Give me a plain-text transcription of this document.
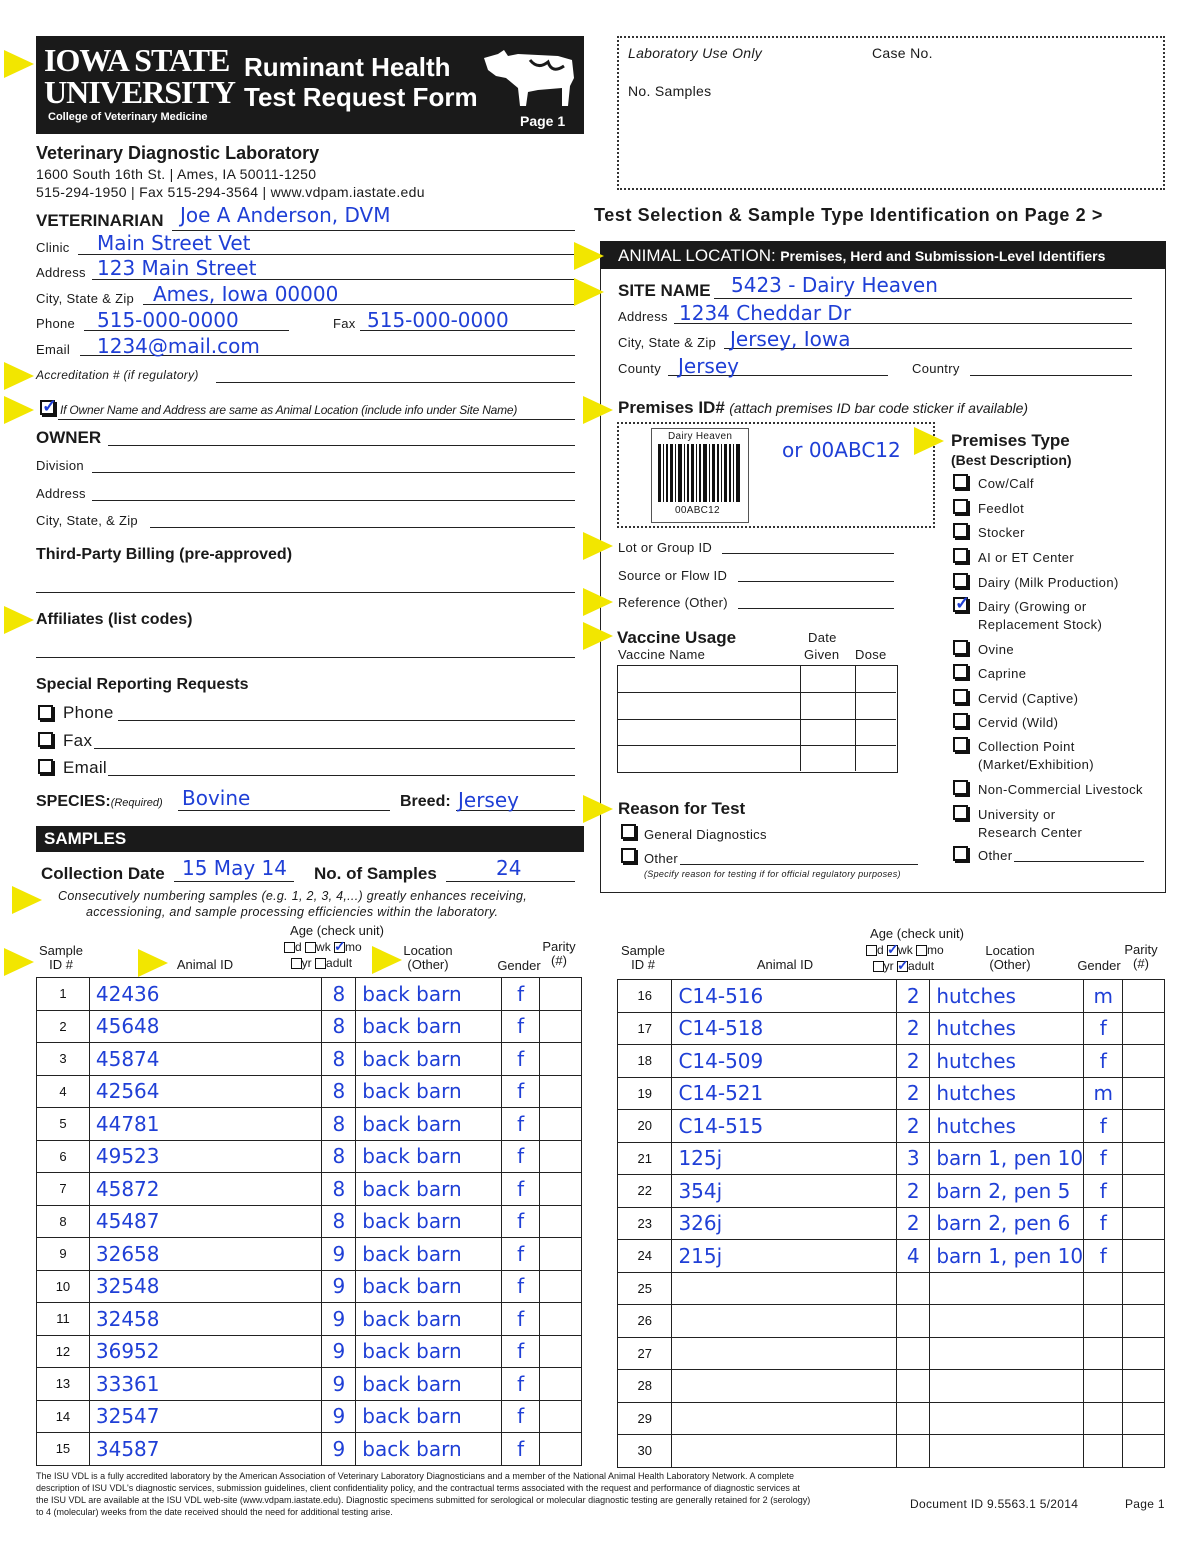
IOWA STATE
UNIVERSITY
College of Veterinary Medicine
Ruminant Health
Test Request Form
Page 1
Veterinary Diagnostic Laboratory
1600 South 16th St. | Ames, IA 50011-1250
515-294-1950 | Fax 515-294-3564 | www.vdpam.iastate.edu
Laboratory Use Only	Case No.
No. Samples
Test Selection & Sample Type Identification on Page 2 >
VETERINARIAN Joe A Anderson, DVM
Clinic Main Street Vet
Address 123 Main Street
City, State & Zip Ames, Iowa 00000
Phone 515-000-0000	Fax 515-000-0000
Email 1234@mail.com
Accreditation # (if regulatory)
✓
If Owner Name and Address are same as Animal Location (include info under Site Name)
OWNER
Division
Address
City, State, & Zip
Third-Party Billing (pre-approved)
Affiliates (list codes)
Special Reporting Requests
Phone
Fax
Email
SPECIES:(Required) Bovine	Breed: Jersey
SAMPLES
Collection Date 15 May 14 No. of Samples	24
Consecutively numbering samples (e.g. 1, 2, 3, 4,...) greatly enhances receiving,
accessioning, and sample processing efficiencies within the laboratory.
ANIMAL LOCATION: Premises, Herd and Submission-Level Identifiers
SITE NAME 5423 - Dairy Heaven
Address 1234 Cheddar Dr
City, State & Zip Jersey, Iowa
County Jersey	Country
Premises ID# (attach premises ID bar code sticker if available)
Dairy Heaven
00ABC12
or 00ABC12
Lot or Group ID
Source or Flow ID
Reference (Other)
Vaccine Usage
Vaccine Name
Date
Given Dose
Reason for Test
General Diagnostics
Other
(Specify reason for testing if for official regulatory purposes)
Premises Type
(Best Description)
Cow/Calf
Feedlot
Stocker
AI or ET Center
Dairy (Milk Production)
✓
Dairy (Growing or
Replacement Stock)
Ovine
Caprine
Cervid (Captive)
Cervid (Wild)
Collection Point
(Market/Exhibition)
Non-Commercial Livestock
University or
Research Center
Other
Sample
ID #	Animal ID
Age (check unit)
d wk ✓ mo
yr adult
Location
(Other)	Gender
Parity
(#)
1	42436	8	back barn	f	
2	45648	8	back barn	f	
3	45874	8	back barn	f	
4	42564	8	back barn	f	
5	44781	8	back barn	f	
6	49523	8	back barn	f	
7	45872	8	back barn	f	
8	45487	8	back barn	f	
9	32658	9	back barn	f	
10	32548	9	back barn	f	
11	32458	9	back barn	f	
12	36952	9	back barn	f	
13	33361	9	back barn	f	
14	32547	9	back barn	f	
15	34587	9	back barn	f	
Sample
ID #	Animal ID
Age (check unit)
d ✓ wk mo
yr ✓ adult
Location
(Other)	Gender
Parity
(#)
16	C14-516	2	hutches	m	
17	C14-518	2	hutches	f	
18	C14-509	2	hutches	f	
19	C14-521	2	hutches	m	
20	C14-515	2	hutches	f	
21	125j	3	barn 1, pen 10	f	
22	354j	2	barn 2, pen 5	f	
23	326j	2	barn 2, pen 6	f	
24	215j	4	barn 1, pen 10	f	
25					
26					
27					
28					
29					
30					
The ISU VDL is a fully accredited laboratory by the American Association of Veterinary Laboratory Diagnosticians and a member of the National Animal Health Laboratory Network. A complete
description of ISU VDL's diagnostic services, submission guidelines, client confidentiality policy, and the contractual terms associated with the request and performance of diagnostic services at
the ISU VDL are available at the ISU VDL web-site (www.vdpam.iastate.edu). Diagnostic specimens submitted for serological or molecular diagnostic testing are generally retained for 2 (serology)
to 4 (molecular) weeks from the date received should the need for additional testing arise.
Document ID 9.5563.1 5/2014	Page 1
